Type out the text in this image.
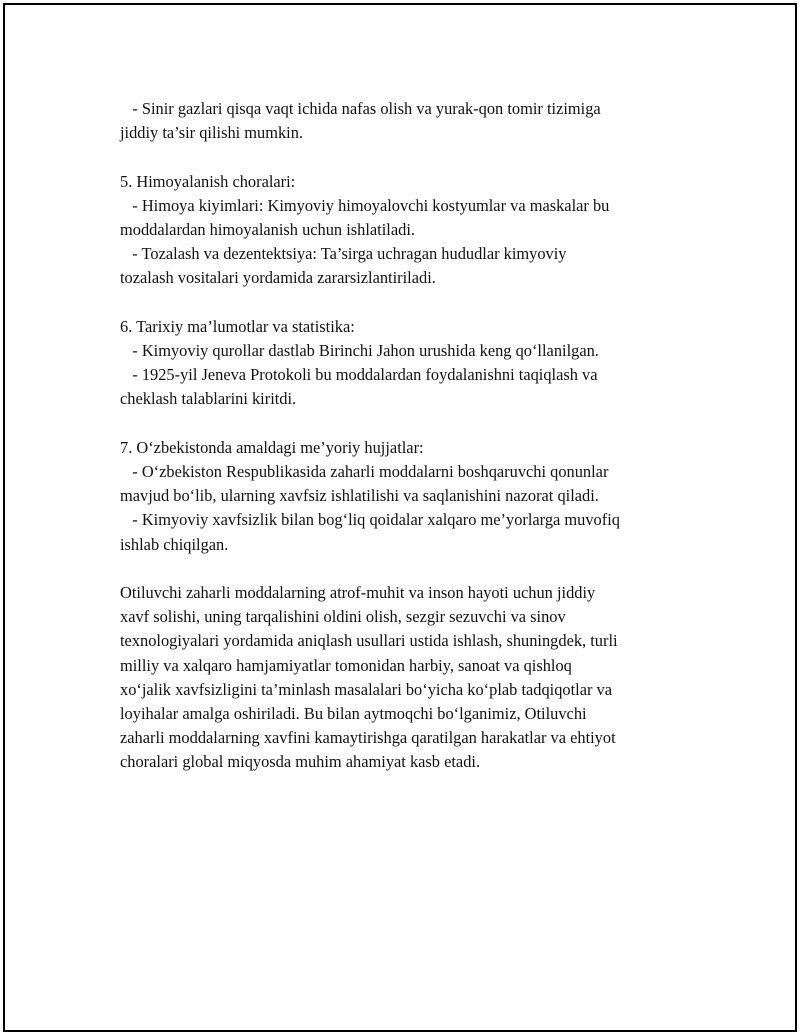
- Sinir gazlari qisqa vaqt ichida nafas olish va yurak-qon tomir tizimiga
jiddiy ta’sir qilishi mumkin.
5. Himoyalanish choralari:
- Himoya kiyimlari: Kimyoviy himoyalovchi kostyumlar va maskalar bu
moddalardan himoyalanish uchun ishlatiladi.
- Tozalash va dezentektsiya: Ta’sirga uchragan hududlar kimyoviy
tozalash vositalari yordamida zararsizlantiriladi.
6. Tarixiy ma’lumotlar va statistika:
- Kimyoviy qurollar dastlab Birinchi Jahon urushida keng qo‘llanilgan.
- 1925-yil Jeneva Protokoli bu moddalardan foydalanishni taqiqlash va
cheklash talablarini kiritdi.
7. O‘zbekistonda amaldagi me’yoriy hujjatlar:
- O‘zbekiston Respublikasida zaharli moddalarni boshqaruvchi qonunlar
mavjud bo‘lib, ularning xavfsiz ishlatilishi va saqlanishini nazorat qiladi.
- Kimyoviy xavfsizlik bilan bog‘liq qoidalar xalqaro me’yorlarga muvofiq
ishlab chiqilgan.
Otiluvchi zaharli moddalarning atrof-muhit va inson hayoti uchun jiddiy
xavf solishi, uning tarqalishini oldini olish, sezgir sezuvchi va sinov
texnologiyalari yordamida aniqlash usullari ustida ishlash, shuningdek, turli
milliy va xalqaro hamjamiyatlar tomonidan harbiy, sanoat va qishloq
xo‘jalik xavfsizligini ta’minlash masalalari bo‘yicha ko‘plab tadqiqotlar va
loyihalar amalga oshiriladi. Bu bilan aytmoqchi bo‘lganimiz, Otiluvchi
zaharli moddalarning xavfini kamaytirishga qaratilgan harakatlar va ehtiyot
choralari global miqyosda muhim ahamiyat kasb etadi.
